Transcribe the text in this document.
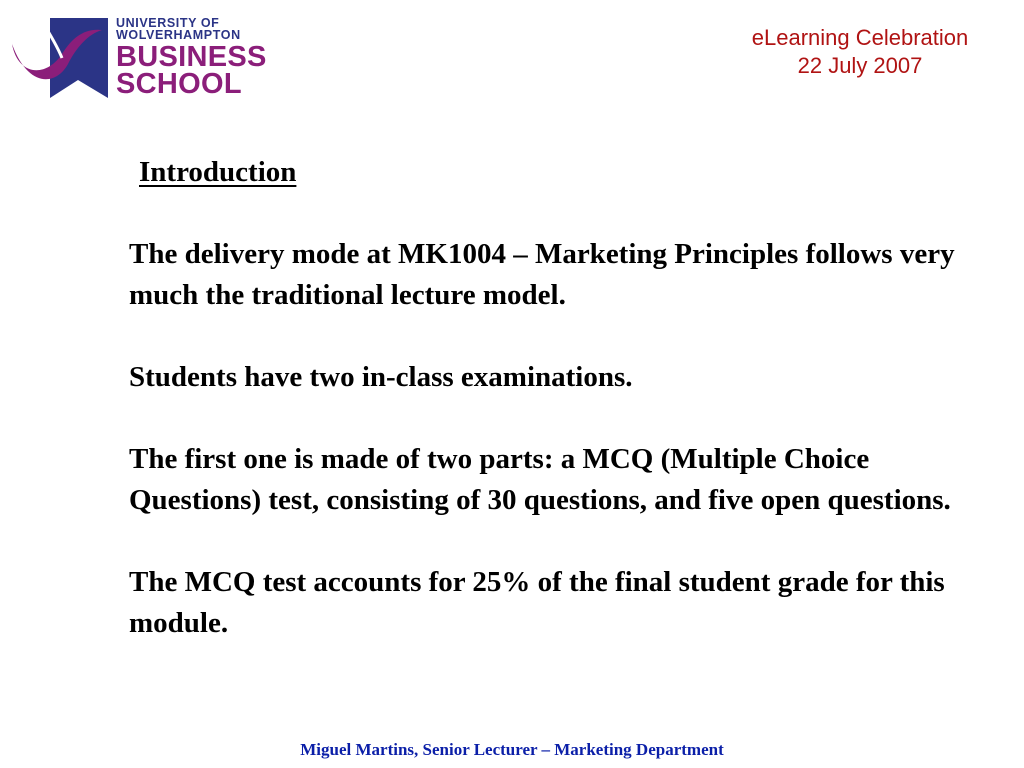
UNIVERSITY OF
WOLVERHAMPTON
BUSINESS
SCHOOL
eLearning Celebration
22 July 2007
Introduction

The delivery mode at MK1004 – Marketing Principles follows very much the traditional lecture model.

Students have two in-class examinations.

The first one is made of two parts: a MCQ (Multiple Choice Questions) test, consisting of 30 questions, and five open questions.

The MCQ test accounts for 25% of the final student grade for this module.

Miguel Martins, Senior Lecturer – Marketing Department
